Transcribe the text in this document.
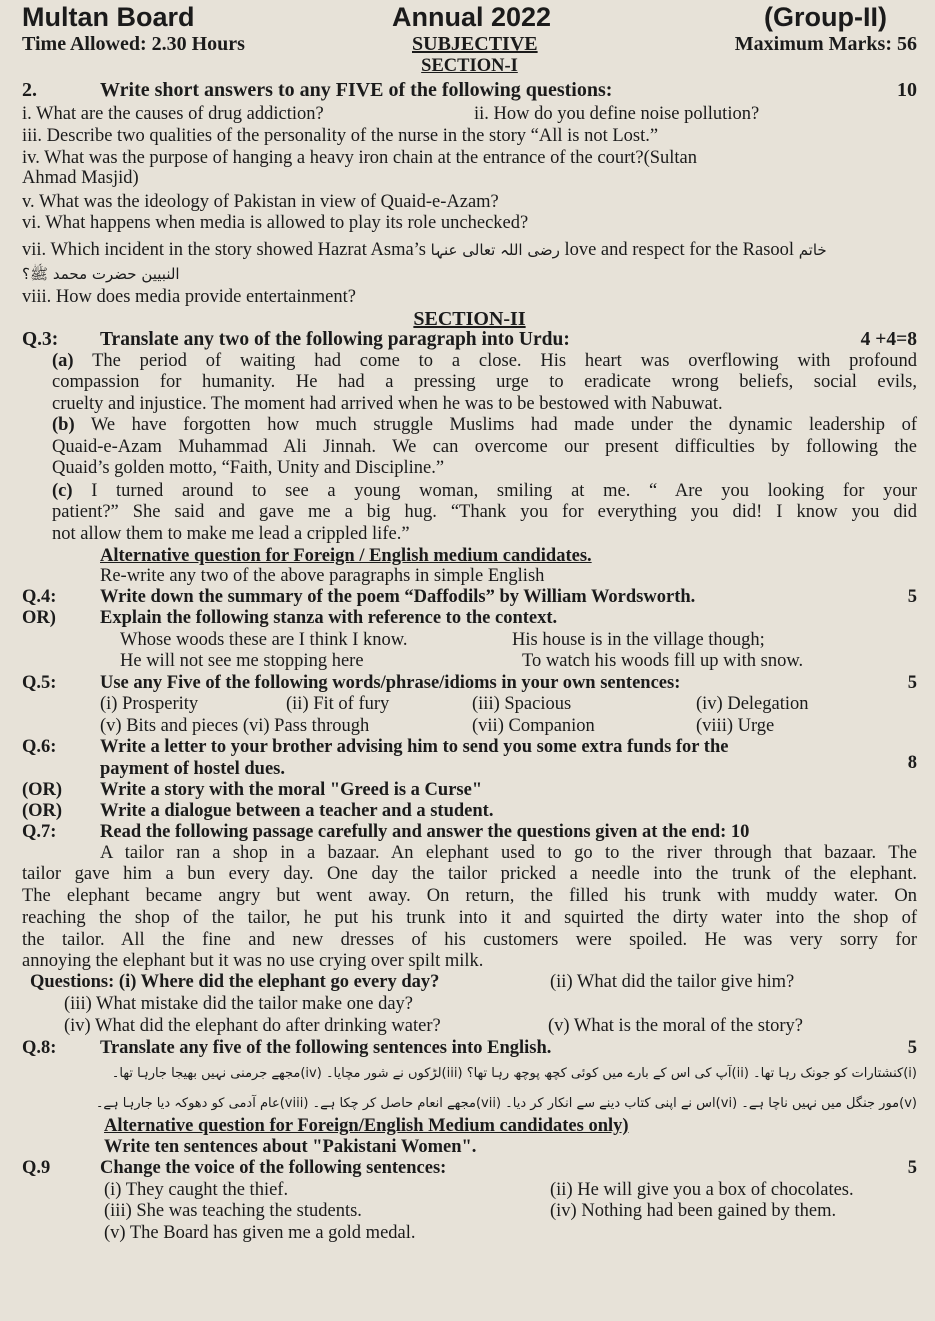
Multan Board	Annual 2022	(Group-II)
Time Allowed: 2.30 Hours	SUBJECTIVE	Maximum Marks: 56
SECTION-I
2.	Write short answers to any FIVE of the following questions:	10
i. What are the causes of drug addiction?	ii. How do you define noise pollution?
iii. Describe two qualities of the personality of the nurse in the story “All is not Lost.”
iv. What was the purpose of hanging a heavy iron chain at the entrance of the court?(Sultan
Ahmad Masjid)
v. What was the ideology of Pakistan in view of Quaid-e-Azam?
vi. What happens when media is allowed to play its role unchecked?
vii. Which incident in the story showed Hazrat Asma’s رضی اللہ تعالی عنہا love and respect for the Rasool خاتم
النبیین حضرت محمد ﷺ؟
viii. How does media provide entertainment?
SECTION-II
Q.3: Translate any two of the following paragraph into Urdu:	4 +4=8
(a) The period of waiting had come to a close. His heart was overflowing with profound
compassion for humanity. He had a pressing urge to eradicate wrong beliefs, social evils,
cruelty and injustice. The moment had arrived when he was to be bestowed with Nabuwat.
(b) We have forgotten how much struggle Muslims had made under the dynamic leadership of
Quaid-e-Azam Muhammad Ali Jinnah. We can overcome our present difficulties by following the
Quaid’s golden motto, “Faith, Unity and Discipline.”
(c) I turned around to see a young woman, smiling at me. “ Are you looking for your
patient?” She said and gave me a big hug. “Thank you for everything you did! I know you did
not allow them to make me lead a crippled life.”
Alternative question for Foreign / English medium candidates.
Re-write any two of the above paragraphs in simple English
Q.4: Write down the summary of the poem “Daffodils” by William Wordsworth.	5
OR) Explain the following stanza with reference to the context.
Whose woods these are I think I know.	His house is in the village though;
He will not see me stopping here	To watch his woods fill up with snow.
Q.5: Use any Five of the following words/phrase/idioms in your own sentences:	5
(i) Prosperity	(ii) Fit of fury	(iii) Spacious	(iv) Delegation
(v) Bits and pieces (vi) Pass through	(vii) Companion	(viii) Urge
Q.6: Write a letter to your brother advising him to send you some extra funds for the
payment of hostel dues.	8
(OR) Write a story with the moral "Greed is a Curse"
(OR) Write a dialogue between a teacher and a student.
Q.7: Read the following passage carefully and answer the questions given at the end: 10
A tailor ran a shop in a bazaar. An elephant used to go to the river through that bazaar. The
tailor gave him a bun every day. One day the tailor pricked a needle into the trunk of the elephant.
The elephant became angry but went away. On return, the filled his trunk with muddy water. On
reaching the shop of the tailor, he put his trunk into it and squirted the dirty water into the shop of
the tailor. All the fine and new dresses of his customers were spoiled. He was very sorry for
annoying the elephant but it was no use crying over spilt milk.
Questions: (i) Where did the elephant go every day?	(ii) What did the tailor give him?
(iii) What mistake did the tailor make one day?
(iv) What did the elephant do after drinking water?	(v) What is the moral of the story?
Q.8: Translate any five of the following sentences into English.	5
(i)کنشتارات کو جونک رہا تھا۔ (ii)آپ کی اس کے بارے میں کوئی کچھ پوچھ رہا تھا؟ (iii)لڑکوں نے شور مچایا۔ (iv)مجھے جرمنی نہیں بھیجا جارہا تھا۔
(v)مور جنگل میں نہیں ناچا ہے۔ (vi)اس نے اپنی کتاب دینے سے انکار کر دیا۔ (vii)مجھے انعام حاصل کر چکا ہے۔ (viii)عام آدمی کو دھوکہ دیا جارہا ہے۔
Alternative question for Foreign/English Medium candidates only)
Write ten sentences about "Pakistani Women".
Q.9	Change the voice of the following sentences:	5
(i) They caught the thief.	(ii) He will give you a box of chocolates.
(iii) She was teaching the students.	(iv) Nothing had been gained by them.
(v) The Board has given me a gold medal.
